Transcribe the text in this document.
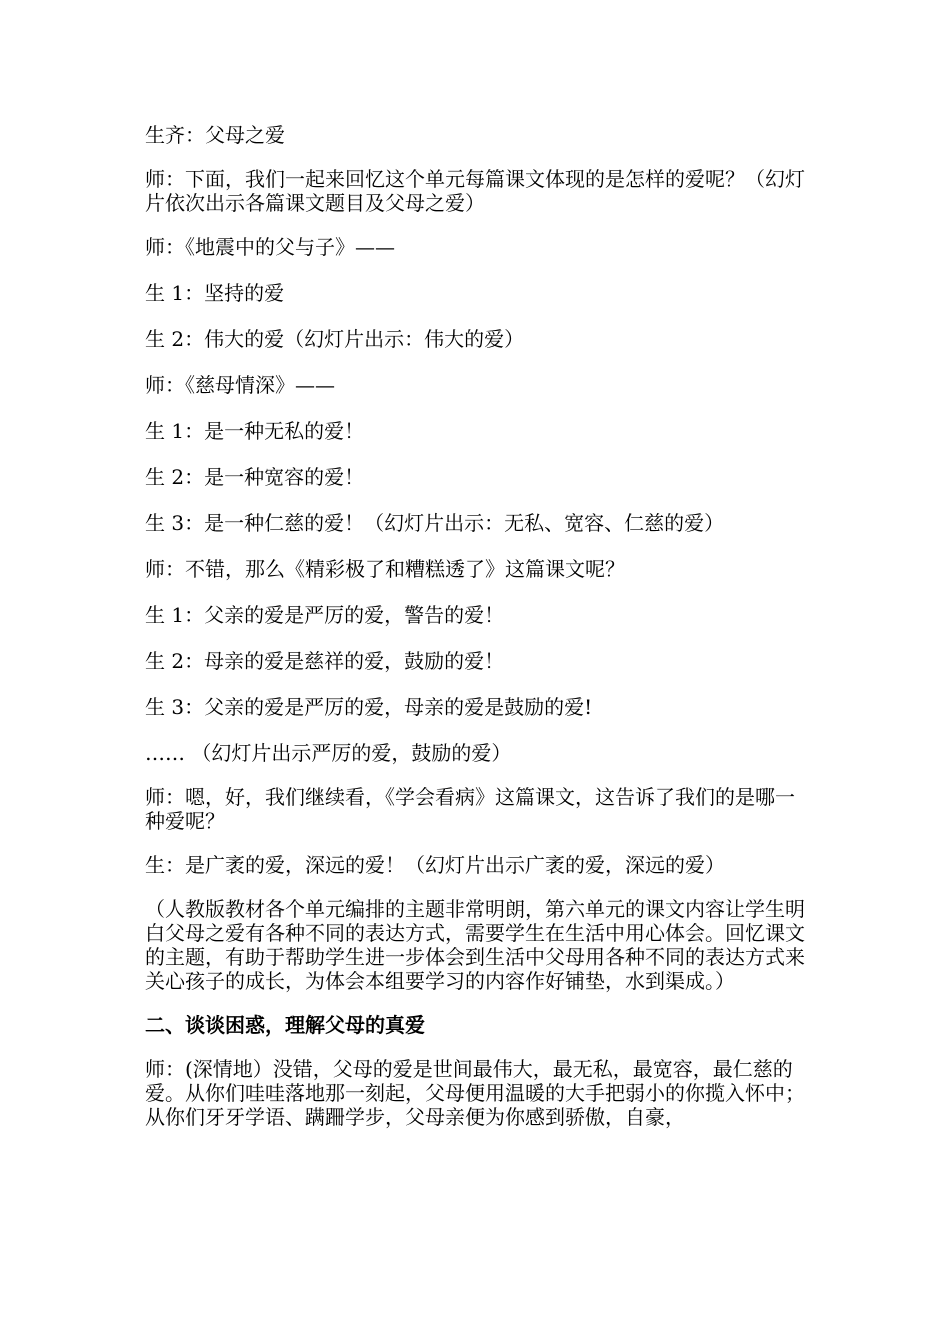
生齐：父母之爱

师：下面，我们一起来回忆这个单元每篇课文体现的是怎样的爱呢？（幻灯片依次出示各篇课文题目及父母之爱）

师：《地震中的父与子》——

生 1：坚持的爱

生 2：伟大的爱（幻灯片出示：伟大的爱）

师：《慈母情深》——

生 1：是一种无私的爱！

生 2：是一种宽容的爱！

生 3：是一种仁慈的爱！（幻灯片出示：无私、宽容、仁慈的爱）

师：不错，那么《精彩极了和糟糕透了》这篇课文呢？

生 1：父亲的爱是严厉的爱，警告的爱！

生 2：母亲的爱是慈祥的爱，鼓励的爱！

生 3：父亲的爱是严厉的爱，母亲的爱是鼓励的爱!

…… （幻灯片出示严厉的爱，鼓励的爱）

师：嗯，好，我们继续看，《学会看病》这篇课文，这告诉了我们的是哪一种爱呢？

生：是广袤的爱，深远的爱！（幻灯片出示广袤的爱，深远的爱）

（人教版教材各个单元编排的主题非常明朗，第六单元的课文内容让学生明白父母之爱有各种不同的表达方式，需要学生在生活中用心体会。回忆课文的主题，有助于帮助学生进一步体会到生活中父母用各种不同的表达方式来关心孩子的成长，为体会本组要学习的内容作好铺垫，水到渠成。）

二、谈谈困惑，理解父母的真爱

师：(深情地）没错，父母的爱是世间最伟大，最无私，最宽容，最仁慈的爱。从你们哇哇落地那一刻起，父母便用温暖的大手把弱小的你揽入怀中；从你们牙牙学语、蹒跚学步，父母亲便为你感到骄傲，自豪，
